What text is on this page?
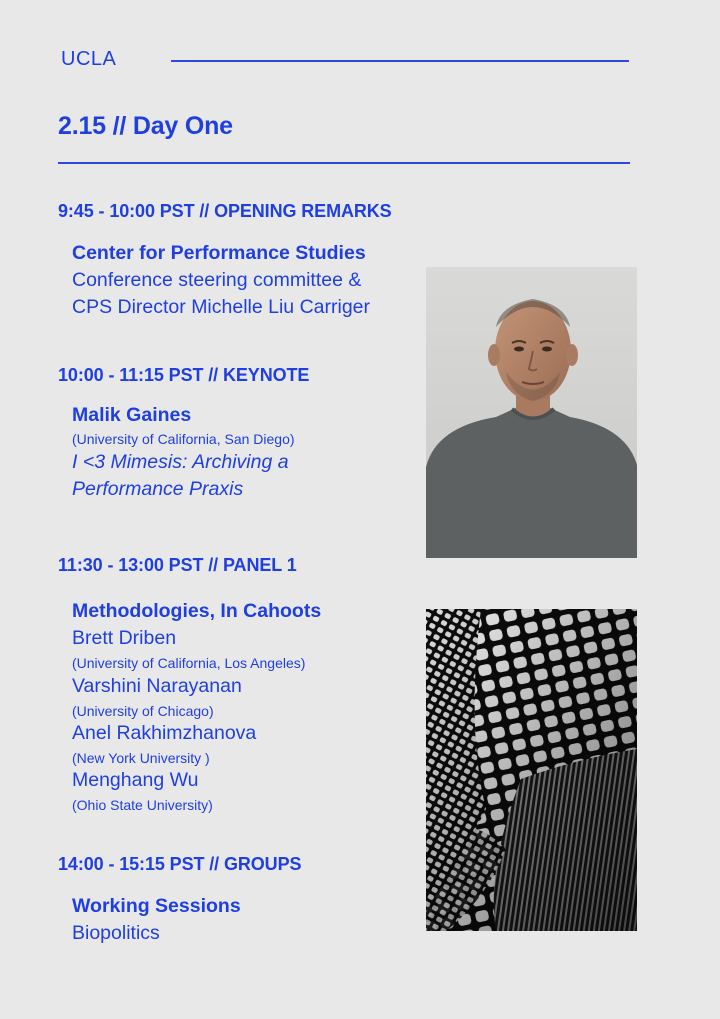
UCLA
2.15 // Day One
9:45 - 10:00 PST // OPENING REMARKS
Center for Performance Studies
Conference steering committee &
CPS Director Michelle Liu Carriger
10:00 - 11:15 PST // KEYNOTE
Malik Gaines
(University of California, San Diego)
I <3 Mimesis: Archiving a
Performance Praxis
11:30 - 13:00 PST // PANEL 1
Methodologies, In Cahoots
Brett Driben
(University of California, Los Angeles)
Varshini Narayanan
(University of Chicago)
Anel Rakhimzhanova
(New York University )
Menghang Wu
(Ohio State University)
14:00 - 15:15 PST // GROUPS
Working Sessions
Biopolitics
